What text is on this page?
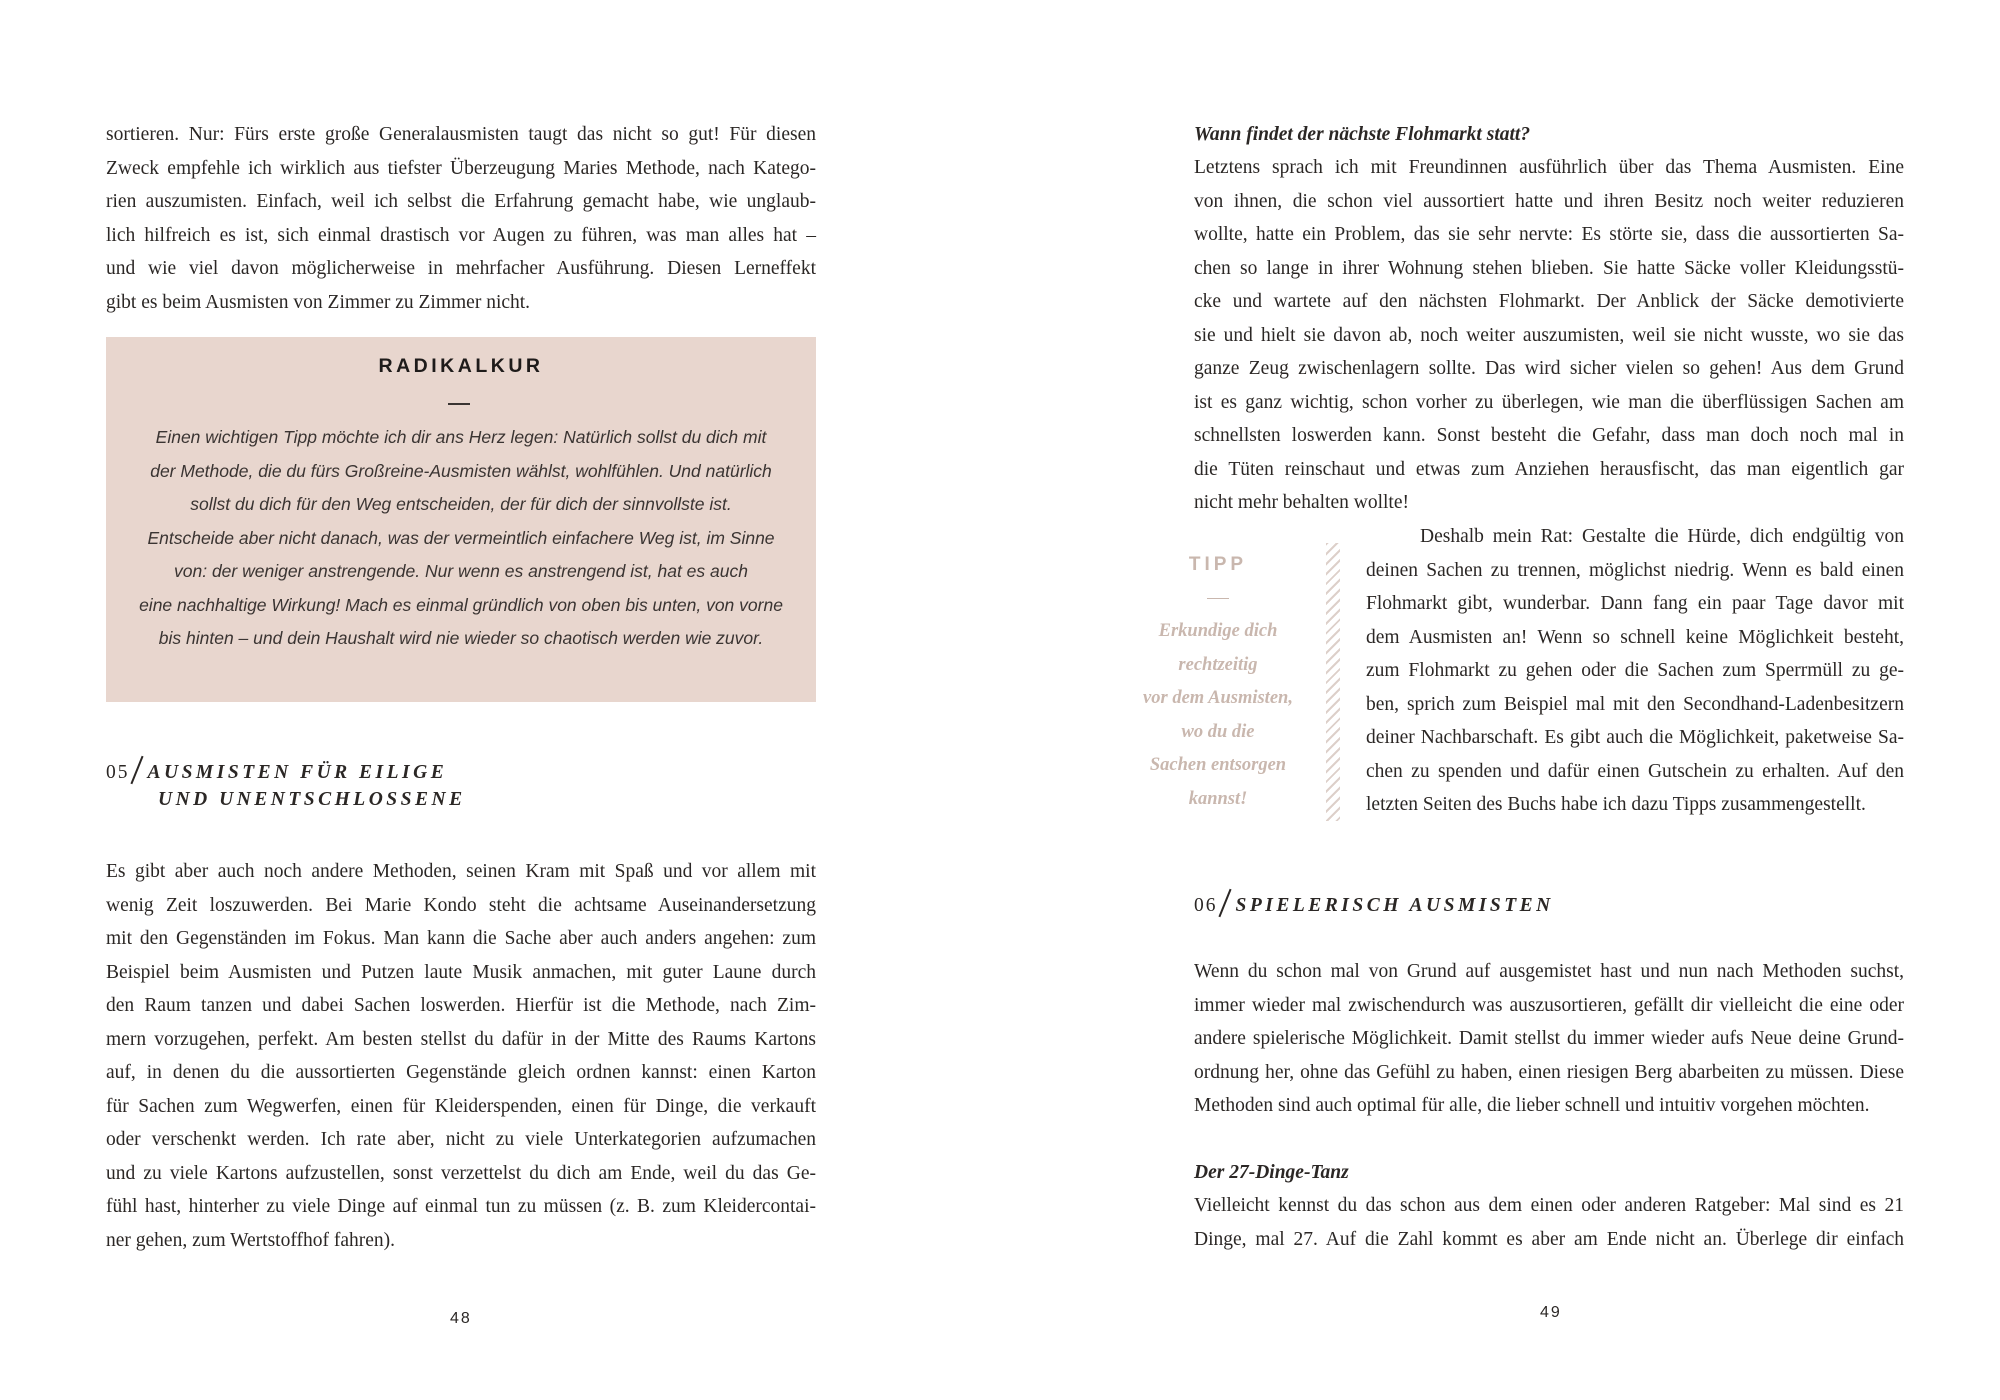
sortieren. Nur: Fürs erste große Generalausmisten taugt das nicht so gut! Für diesen
Zweck empfehle ich wirklich aus tiefster Überzeugung Maries Methode, nach Katego-
rien auszumisten. Einfach, weil ich selbst die Erfahrung gemacht habe, wie unglaub-
lich hilfreich es ist, sich einmal drastisch vor Augen zu führen, was man alles hat –
und wie viel davon möglicherweise in mehrfacher Ausführung. Diesen Lerneffekt
gibt es beim Ausmisten von Zimmer zu Zimmer nicht.

RADIKALKUR
Einen wichtigen Tipp möchte ich dir ans Herz legen: Natürlich sollst du dich mit
der Methode, die du fürs Großreine-Ausmisten wählst, wohlfühlen. Und natürlich
sollst du dich für den Weg entscheiden, der für dich der sinnvollste ist.
Entscheide aber nicht danach, was der vermeintlich einfachere Weg ist, im Sinne
von: der weniger anstrengende. Nur wenn es anstrengend ist, hat es auch
eine nachhaltige Wirkung! Mach es einmal gründlich von oben bis unten, von vorne
bis hinten – und dein Haushalt wird nie wieder so chaotisch werden wie zuvor.
05 AUSMISTEN FÜR EILIGE
UND UNENTSCHLOSSENE

Es gibt aber auch noch andere Methoden, seinen Kram mit Spaß und vor allem mit
wenig Zeit loszuwerden. Bei Marie Kondo steht die achtsame Auseinandersetzung
mit den Gegenständen im Fokus. Man kann die Sache aber auch anders angehen: zum
Beispiel beim Ausmisten und Putzen laute Musik anmachen, mit guter Laune durch
den Raum tanzen und dabei Sachen loswerden. Hierfür ist die Methode, nach Zim-
mern vorzugehen, perfekt. Am besten stellst du dafür in der Mitte des Raums Kartons
auf, in denen du die aussortierten Gegenstände gleich ordnen kannst: einen Karton
für Sachen zum Wegwerfen, einen für Kleiderspenden, einen für Dinge, die verkauft
oder verschenkt werden. Ich rate aber, nicht zu viele Unterkategorien aufzumachen
und zu viele Kartons aufzustellen, sonst verzettelst du dich am Ende, weil du das Ge-
fühl hast, hinterher zu viele Dinge auf einmal tun zu müssen (z. B. zum Kleidercontai-
ner gehen, zum Wertstoffhof fahren).

48
Wann findet der nächste Flohmarkt statt?

Letztens sprach ich mit Freundinnen ausführlich über das Thema Ausmisten. Eine
von ihnen, die schon viel aussortiert hatte und ihren Besitz noch weiter reduzieren
wollte, hatte ein Problem, das sie sehr nervte: Es störte sie, dass die aussortierten Sa-
chen so lange in ihrer Wohnung stehen blieben. Sie hatte Säcke voller Kleidungsstü-
cke und wartete auf den nächsten Flohmarkt. Der Anblick der Säcke demotivierte
sie und hielt sie davon ab, noch weiter auszumisten, weil sie nicht wusste, wo sie das
ganze Zeug zwischenlagern sollte. Das wird sicher vielen so gehen! Aus dem Grund
ist es ganz wichtig, schon vorher zu überlegen, wie man die überflüssigen Sachen am
schnellsten loswerden kann. Sonst besteht die Gefahr, dass man doch noch mal in
die Tüten reinschaut und etwas zum Anziehen herausfischt, das man eigentlich gar
nicht mehr behalten wollte!

TIPP
Erkundige dich
rechtzeitig
vor dem Ausmisten,
wo du die
Sachen entsorgen
kannst!

Deshalb mein Rat: Gestalte die Hürde, dich endgültig von
deinen Sachen zu trennen, möglichst niedrig. Wenn es bald einen
Flohmarkt gibt, wunderbar. Dann fang ein paar Tage davor mit
dem Ausmisten an! Wenn so schnell keine Möglichkeit besteht,
zum Flohmarkt zu gehen oder die Sachen zum Sperrmüll zu ge-
ben, sprich zum Beispiel mal mit den Secondhand-Ladenbesitzern
deiner Nachbarschaft. Es gibt auch die Möglichkeit, paketweise Sa-
chen zu spenden und dafür einen Gutschein zu erhalten. Auf den
letzten Seiten des Buchs habe ich dazu Tipps zusammengestellt.

06 SPIELERISCH AUSMISTEN

Wenn du schon mal von Grund auf ausgemistet hast und nun nach Methoden suchst,
immer wieder mal zwischendurch was auszusortieren, gefällt dir vielleicht die eine oder
andere spielerische Möglichkeit. Damit stellst du immer wieder aufs Neue deine Grund-
ordnung her, ohne das Gefühl zu haben, einen riesigen Berg abarbeiten zu müssen. Diese
Methoden sind auch optimal für alle, die lieber schnell und intuitiv vorgehen möchten.

Der 27-Dinge-Tanz

Vielleicht kennst du das schon aus dem einen oder anderen Ratgeber: Mal sind es 21
Dinge, mal 27. Auf die Zahl kommt es aber am Ende nicht an. Überlege dir einfach

49
